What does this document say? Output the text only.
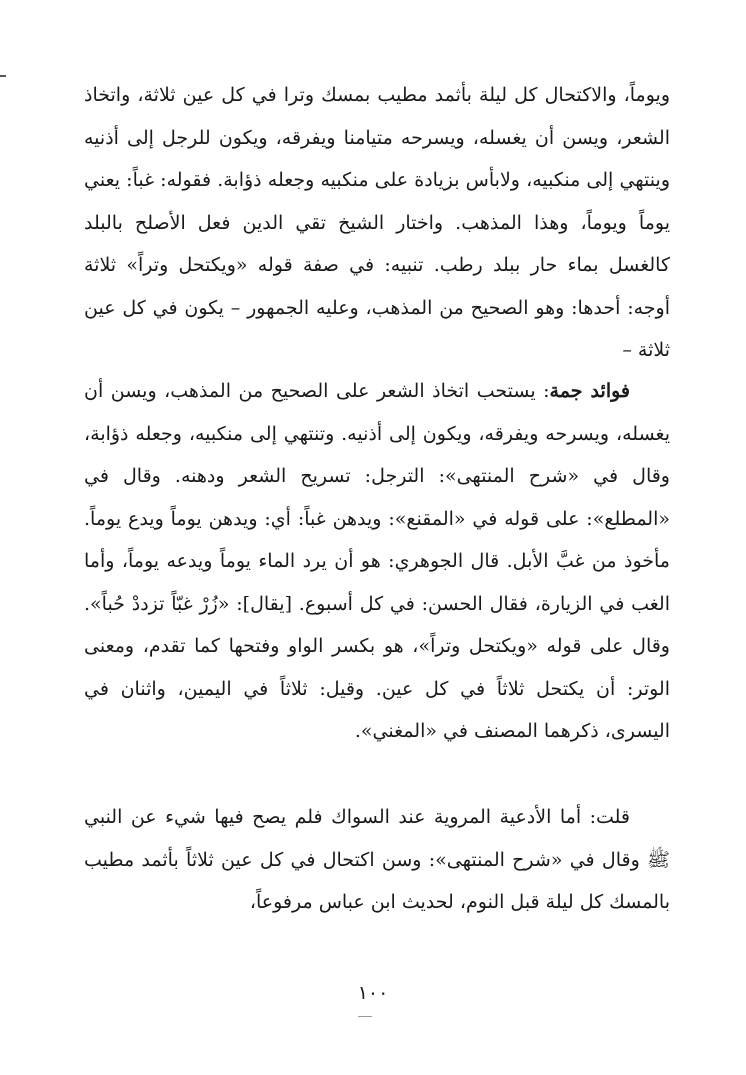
ويوماً، والاكتحال كل ليلة بأثمد مطيب بمسك وترا في كل عين ثلاثة، واتخاذ الشعر، ويسن أن يغسله، ويسرحه متيامنا ويفرقه، ويكون للرجل إلى أذنيه وينتهي إلى منكبيه، ولابأس بزيادة على منكبيه وجعله ذؤابة. فقوله: غباً: يعني يوماً ويوماً، وهذا المذهب. واختار الشيخ تقي الدين فعل الأصلح بالبلد كالغسل بماء حار ببلد رطب. تنبيه: في صفة قوله «ويكتحل وتراً» ثلاثة أوجه: أحدها: وهو الصحيح من المذهب، وعليه الجمهور – يكون في كل عين ثلاثة –

فوائد جمة: يستحب اتخاذ الشعر على الصحيح من المذهب، ويسن أن يغسله، ويسرحه ويفرقه، ويكون إلى أذنيه. وتنتهي إلى منكبيه، وجعله ذؤابة، وقال في «شرح المنتهى»: الترجل: تسريح الشعر ودهنه. وقال في «المطلع»: على قوله في «المقنع»: ويدهن غباً: أي: ويدهن يوماً ويدع يوماً. مأخوذ من غبَّ الأبل. قال الجوهري: هو أن يرد الماء يوماً ويدعه يوماً، وأما الغب في الزيارة، فقال الحسن: في كل أسبوع. [يقال]: «زُرْ غبّاً تزددْ حُباً». وقال على قوله «ويكتحل وتراً»، هو بكسر الواو وفتحها كما تقدم، ومعنى الوتر: أن يكتحل ثلاثاً في كل عين. وقيل: ثلاثاً في اليمين، واثنان في اليسرى، ذكرهما المصنف في «المغني».

قلت: أما الأدعية المروية عند السواك فلم يصح فيها شيء عن النبي ﷺ وقال في «شرح المنتهى»: وسن اكتحال في كل عين ثلاثاً بأثمد مطيب بالمسك كل ليلة قبل النوم، لحديث ابن عباس مرفوعاً،

١٠٠
